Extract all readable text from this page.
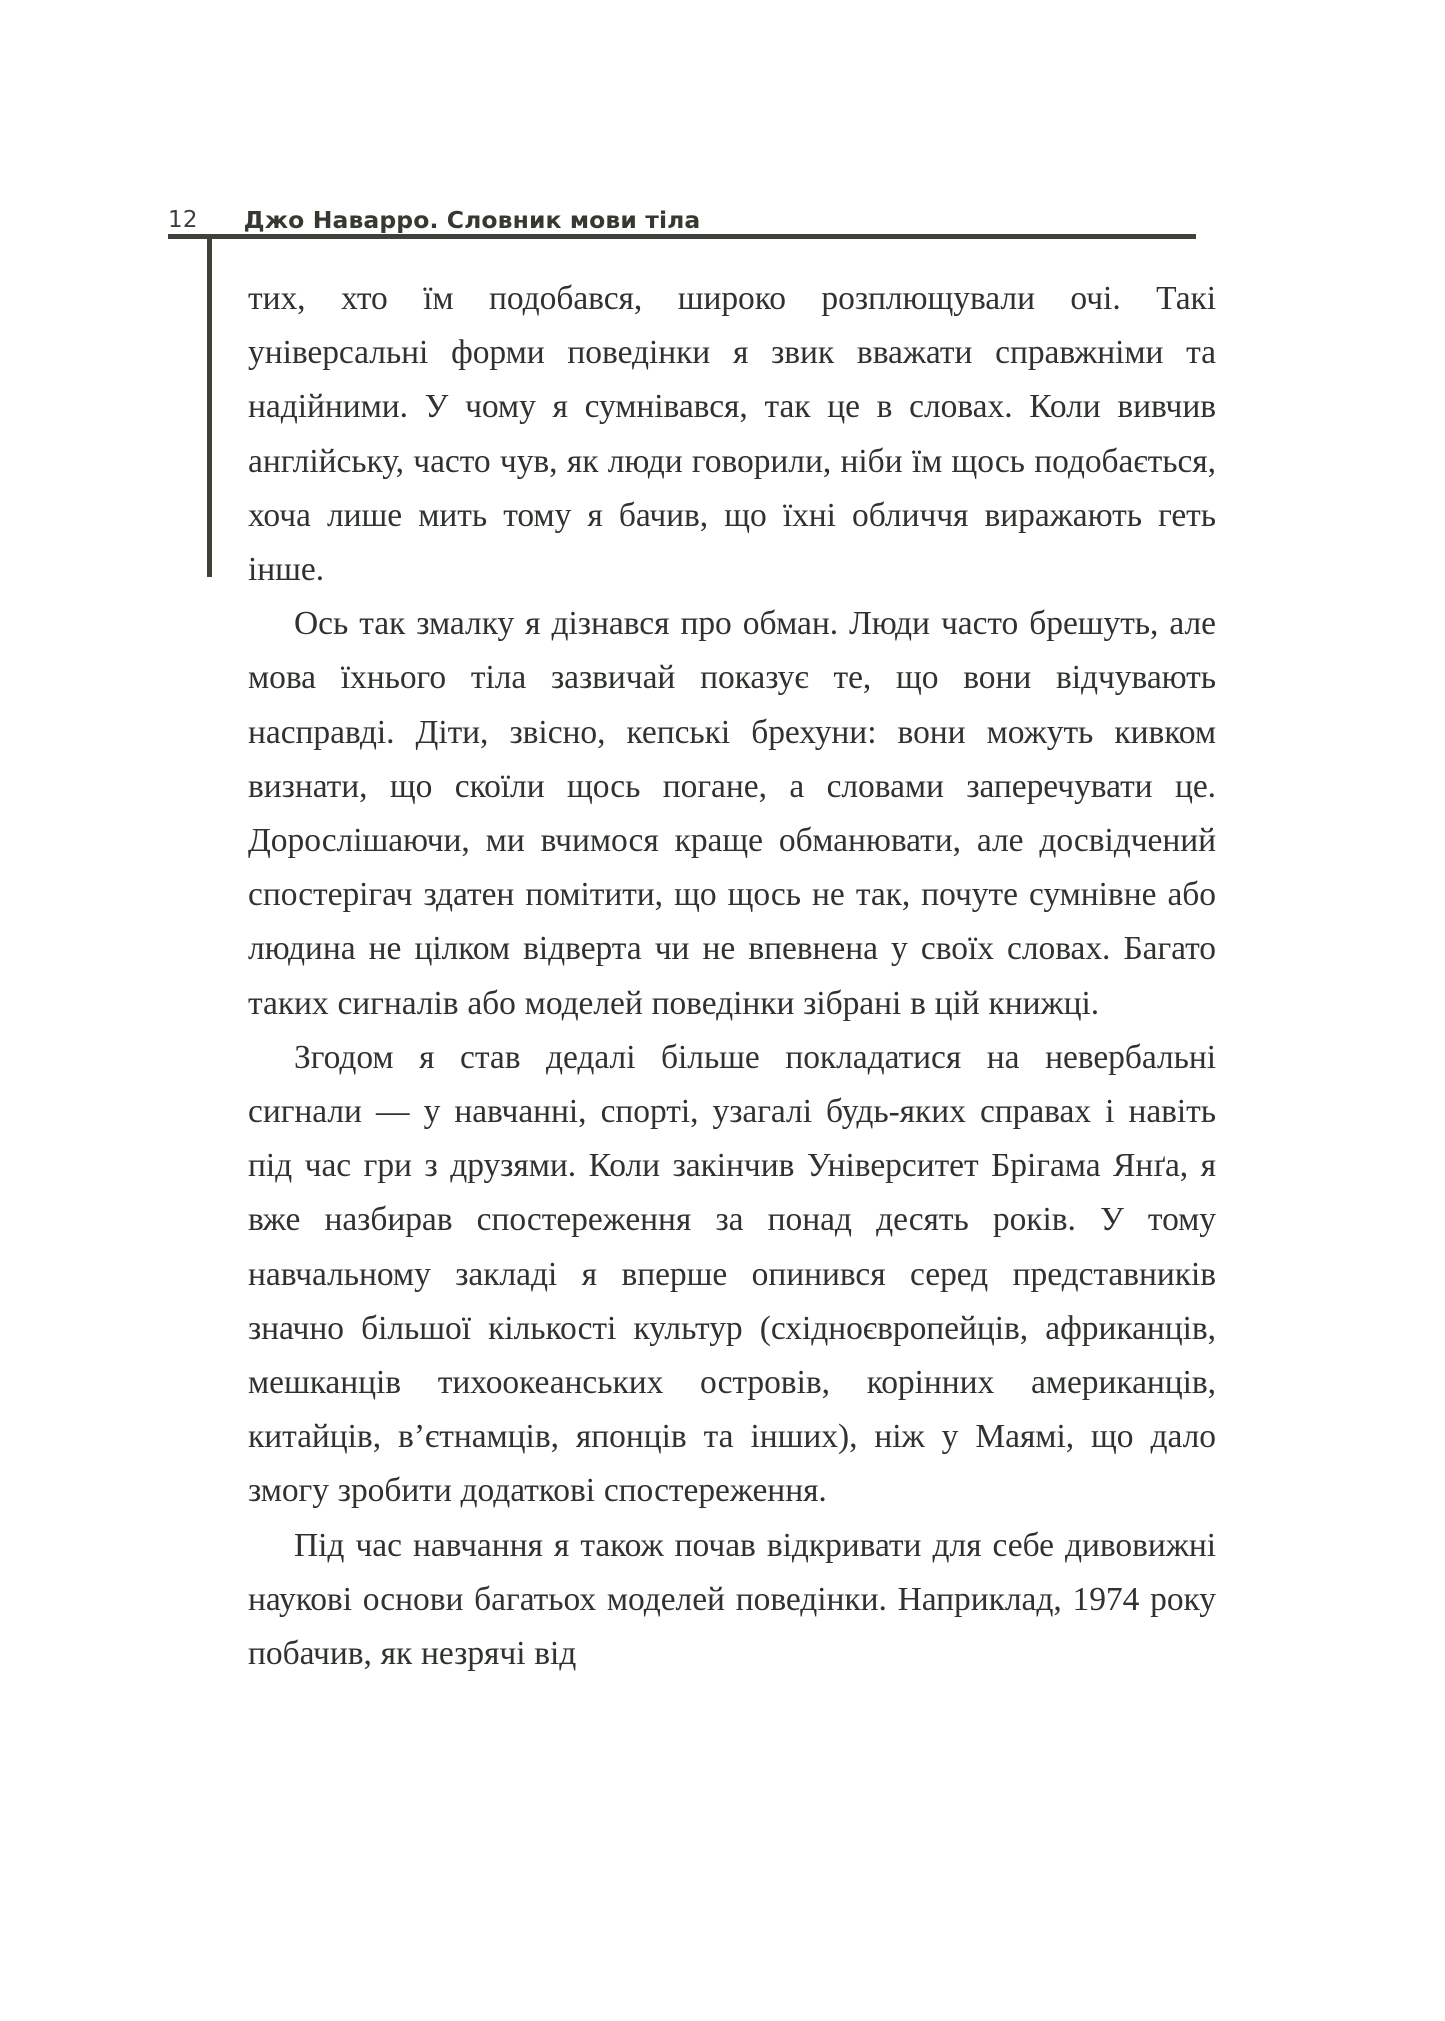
12 Джо Наварро. Словник мови тіла

тих, хто їм подобався, широко розплющували очі. Такі універсальні форми поведінки я звик вважати справжніми та надійними. У чому я сумнівався, так це в словах. Коли вивчив англійську, часто чув, як люди говорили, ніби їм щось подобається, хоча лише мить тому я бачив, що їхні обличчя виражають геть інше.

Ось так змалку я дізнався про обман. Люди часто брешуть, але мова їхнього тіла зазвичай показує те, що вони відчувають насправді. Діти, звісно, кепські брехуни: вони можуть кивком визнати, що скоїли щось погане, а словами заперечувати це. Дорослішаючи, ми вчимося краще обманювати, але досвідчений спостерігач здатен помітити, що щось не так, почуте сумнівне або людина не цілком відверта чи не впевнена у своїх словах. Багато таких сигналів або моделей поведінки зібрані в цій книжці.

Згодом я став дедалі більше покладатися на невербальні сигнали — у навчанні, спорті, узагалі будь-яких справах і навіть під час гри з друзями. Коли закінчив Університет Брігама Янґа, я вже назбирав спостереження за понад десять років. У тому навчальному закладі я вперше опинився серед представників значно більшої кількості культур (східноєвропейців, африканців, мешканців тихоокеанських островів, корінних американців, китайців, в’єтнамців, японців та інших), ніж у Маямі, що дало змогу зробити додаткові спостереження.

Під час навчання я також почав відкривати для себе дивовижні наукові основи багатьох моделей поведінки. Наприклад, 1974 року побачив, як незрячі від
